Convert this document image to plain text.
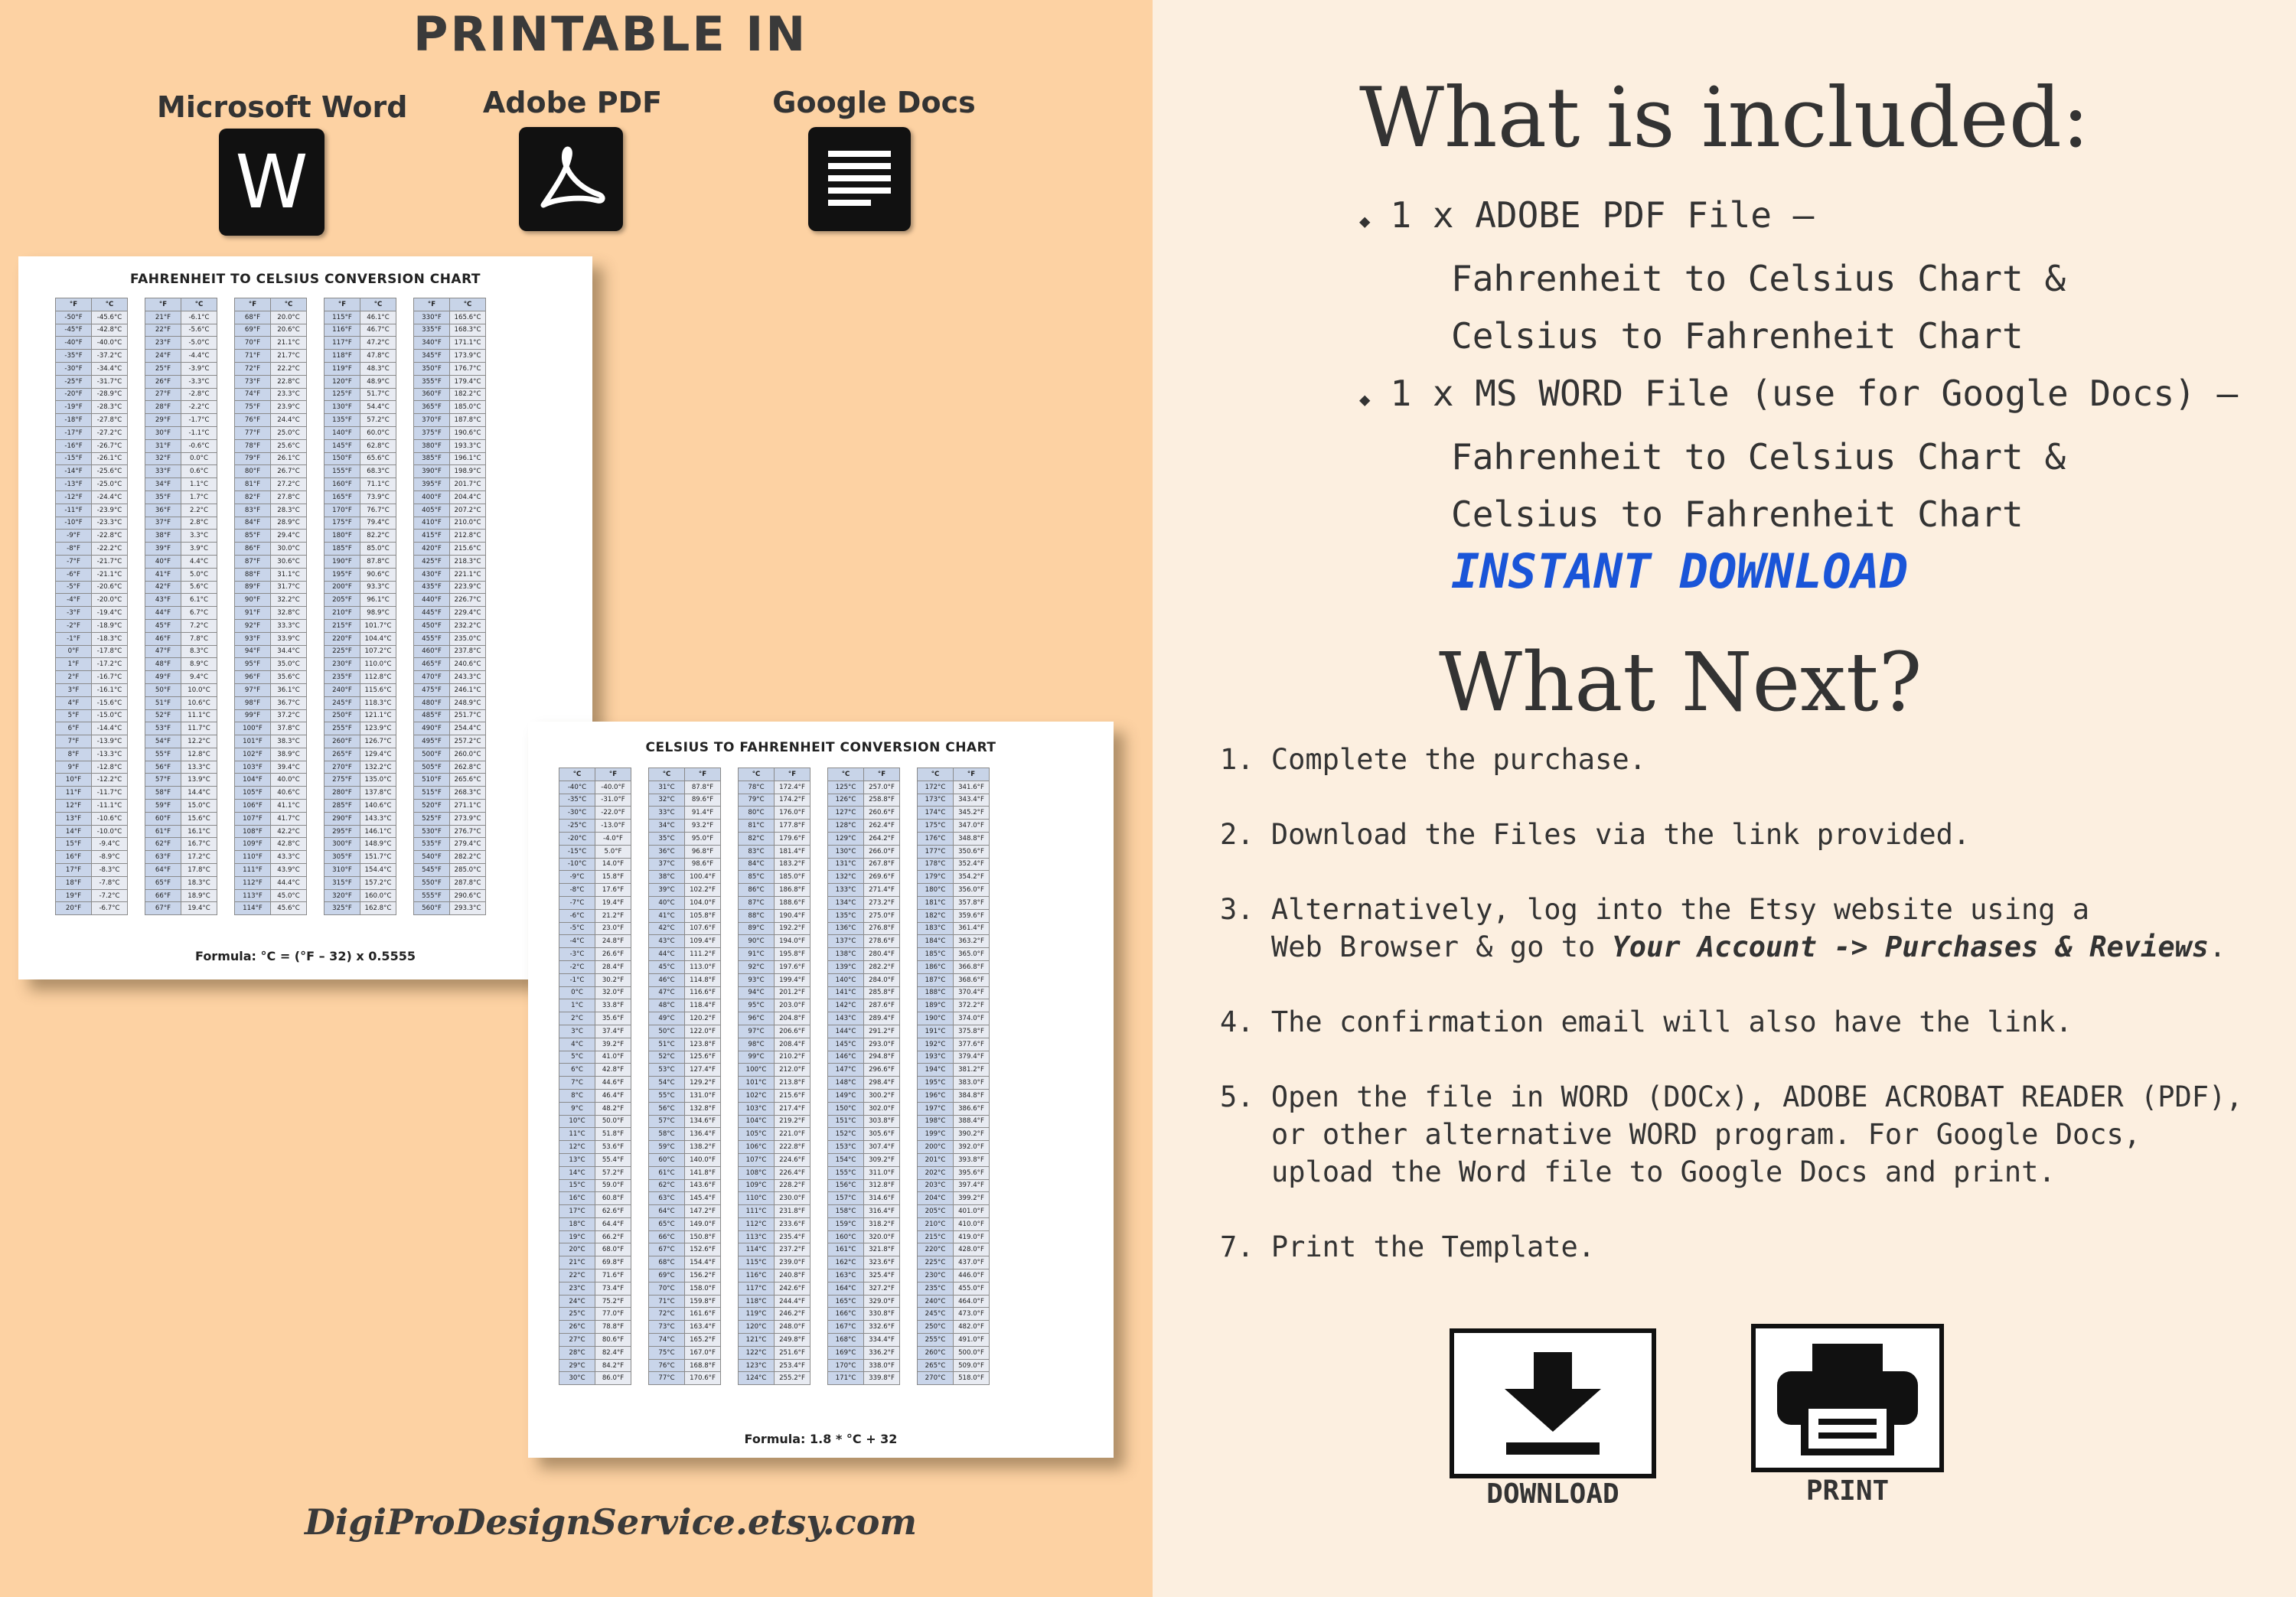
PRINTABLE IN
Microsoft Word	Adobe PDF	Google Docs
W
FAHRENHEIT TO CELSIUS CONVERSION CHART
°F	°C
-50°F	-45.6°C
-45°F	-42.8°C
-40°F	-40.0°C
-35°F	-37.2°C
-30°F	-34.4°C
-25°F	-31.7°C
-20°F	-28.9°C
-19°F	-28.3°C
-18°F	-27.8°C
-17°F	-27.2°C
-16°F	-26.7°C
-15°F	-26.1°C
-14°F	-25.6°C
-13°F	-25.0°C
-12°F	-24.4°C
-11°F	-23.9°C
-10°F	-23.3°C
-9°F	-22.8°C
-8°F	-22.2°C
-7°F	-21.7°C
-6°F	-21.1°C
-5°F	-20.6°C
-4°F	-20.0°C
-3°F	-19.4°C
-2°F	-18.9°C
-1°F	-18.3°C
0°F	-17.8°C
1°F	-17.2°C
2°F	-16.7°C
3°F	-16.1°C
4°F	-15.6°C
5°F	-15.0°C
6°F	-14.4°C
7°F	-13.9°C
8°F	-13.3°C
9°F	-12.8°C
10°F	-12.2°C
11°F	-11.7°C
12°F	-11.1°C
13°F	-10.6°C
14°F	-10.0°C
15°F	-9.4°C
16°F	-8.9°C
17°F	-8.3°C
18°F	-7.8°C
19°F	-7.2°C
20°F	-6.7°C
°F	°C
21°F	-6.1°C
22°F	-5.6°C
23°F	-5.0°C
24°F	-4.4°C
25°F	-3.9°C
26°F	-3.3°C
27°F	-2.8°C
28°F	-2.2°C
29°F	-1.7°C
30°F	-1.1°C
31°F	-0.6°C
32°F	0.0°C
33°F	0.6°C
34°F	1.1°C
35°F	1.7°C
36°F	2.2°C
37°F	2.8°C
38°F	3.3°C
39°F	3.9°C
40°F	4.4°C
41°F	5.0°C
42°F	5.6°C
43°F	6.1°C
44°F	6.7°C
45°F	7.2°C
46°F	7.8°C
47°F	8.3°C
48°F	8.9°C
49°F	9.4°C
50°F	10.0°C
51°F	10.6°C
52°F	11.1°C
53°F	11.7°C
54°F	12.2°C
55°F	12.8°C
56°F	13.3°C
57°F	13.9°C
58°F	14.4°C
59°F	15.0°C
60°F	15.6°C
61°F	16.1°C
62°F	16.7°C
63°F	17.2°C
64°F	17.8°C
65°F	18.3°C
66°F	18.9°C
67°F	19.4°C
°F	°C
68°F	20.0°C
69°F	20.6°C
70°F	21.1°C
71°F	21.7°C
72°F	22.2°C
73°F	22.8°C
74°F	23.3°C
75°F	23.9°C
76°F	24.4°C
77°F	25.0°C
78°F	25.6°C
79°F	26.1°C
80°F	26.7°C
81°F	27.2°C
82°F	27.8°C
83°F	28.3°C
84°F	28.9°C
85°F	29.4°C
86°F	30.0°C
87°F	30.6°C
88°F	31.1°C
89°F	31.7°C
90°F	32.2°C
91°F	32.8°C
92°F	33.3°C
93°F	33.9°C
94°F	34.4°C
95°F	35.0°C
96°F	35.6°C
97°F	36.1°C
98°F	36.7°C
99°F	37.2°C
100°F	37.8°C
101°F	38.3°C
102°F	38.9°C
103°F	39.4°C
104°F	40.0°C
105°F	40.6°C
106°F	41.1°C
107°F	41.7°C
108°F	42.2°C
109°F	42.8°C
110°F	43.3°C
111°F	43.9°C
112°F	44.4°C
113°F	45.0°C
114°F	45.6°C
°F	°C
115°F	46.1°C
116°F	46.7°C
117°F	47.2°C
118°F	47.8°C
119°F	48.3°C
120°F	48.9°C
125°F	51.7°C
130°F	54.4°C
135°F	57.2°C
140°F	60.0°C
145°F	62.8°C
150°F	65.6°C
155°F	68.3°C
160°F	71.1°C
165°F	73.9°C
170°F	76.7°C
175°F	79.4°C
180°F	82.2°C
185°F	85.0°C
190°F	87.8°C
195°F	90.6°C
200°F	93.3°C
205°F	96.1°C
210°F	98.9°C
215°F	101.7°C
220°F	104.4°C
225°F	107.2°C
230°F	110.0°C
235°F	112.8°C
240°F	115.6°C
245°F	118.3°C
250°F	121.1°C
255°F	123.9°C
260°F	126.7°C
265°F	129.4°C
270°F	132.2°C
275°F	135.0°C
280°F	137.8°C
285°F	140.6°C
290°F	143.3°C
295°F	146.1°C
300°F	148.9°C
305°F	151.7°C
310°F	154.4°C
315°F	157.2°C
320°F	160.0°C
325°F	162.8°C
°F	°C
330°F	165.6°C
335°F	168.3°C
340°F	171.1°C
345°F	173.9°C
350°F	176.7°C
355°F	179.4°C
360°F	182.2°C
365°F	185.0°C
370°F	187.8°C
375°F	190.6°C
380°F	193.3°C
385°F	196.1°C
390°F	198.9°C
395°F	201.7°C
400°F	204.4°C
405°F	207.2°C
410°F	210.0°C
415°F	212.8°C
420°F	215.6°C
425°F	218.3°C
430°F	221.1°C
435°F	223.9°C
440°F	226.7°C
445°F	229.4°C
450°F	232.2°C
455°F	235.0°C
460°F	237.8°C
465°F	240.6°C
470°F	243.3°C
475°F	246.1°C
480°F	248.9°C
485°F	251.7°C
490°F	254.4°C
495°F	257.2°C
500°F	260.0°C
505°F	262.8°C
510°F	265.6°C
515°F	268.3°C
520°F	271.1°C
525°F	273.9°C
530°F	276.7°C
535°F	279.4°C
540°F	282.2°C
545°F	285.0°C
550°F	287.8°C
555°F	290.6°C
560°F	293.3°C
Formula: °C = (°F – 32) x 0.5555
CELSIUS TO FAHRENHEIT CONVERSION CHART
°C	°F
-40°C	-40.0°F
-35°C	-31.0°F
-30°C	-22.0°F
-25°C	-13.0°F
-20°C	-4.0°F
-15°C	5.0°F
-10°C	14.0°F
-9°C	15.8°F
-8°C	17.6°F
-7°C	19.4°F
-6°C	21.2°F
-5°C	23.0°F
-4°C	24.8°F
-3°C	26.6°F
-2°C	28.4°F
-1°C	30.2°F
0°C	32.0°F
1°C	33.8°F
2°C	35.6°F
3°C	37.4°F
4°C	39.2°F
5°C	41.0°F
6°C	42.8°F
7°C	44.6°F
8°C	46.4°F
9°C	48.2°F
10°C	50.0°F
11°C	51.8°F
12°C	53.6°F
13°C	55.4°F
14°C	57.2°F
15°C	59.0°F
16°C	60.8°F
17°C	62.6°F
18°C	64.4°F
19°C	66.2°F
20°C	68.0°F
21°C	69.8°F
22°C	71.6°F
23°C	73.4°F
24°C	75.2°F
25°C	77.0°F
26°C	78.8°F
27°C	80.6°F
28°C	82.4°F
29°C	84.2°F
30°C	86.0°F
°C	°F
31°C	87.8°F
32°C	89.6°F
33°C	91.4°F
34°C	93.2°F
35°C	95.0°F
36°C	96.8°F
37°C	98.6°F
38°C	100.4°F
39°C	102.2°F
40°C	104.0°F
41°C	105.8°F
42°C	107.6°F
43°C	109.4°F
44°C	111.2°F
45°C	113.0°F
46°C	114.8°F
47°C	116.6°F
48°C	118.4°F
49°C	120.2°F
50°C	122.0°F
51°C	123.8°F
52°C	125.6°F
53°C	127.4°F
54°C	129.2°F
55°C	131.0°F
56°C	132.8°F
57°C	134.6°F
58°C	136.4°F
59°C	138.2°F
60°C	140.0°F
61°C	141.8°F
62°C	143.6°F
63°C	145.4°F
64°C	147.2°F
65°C	149.0°F
66°C	150.8°F
67°C	152.6°F
68°C	154.4°F
69°C	156.2°F
70°C	158.0°F
71°C	159.8°F
72°C	161.6°F
73°C	163.4°F
74°C	165.2°F
75°C	167.0°F
76°C	168.8°F
77°C	170.6°F
°C	°F
78°C	172.4°F
79°C	174.2°F
80°C	176.0°F
81°C	177.8°F
82°C	179.6°F
83°C	181.4°F
84°C	183.2°F
85°C	185.0°F
86°C	186.8°F
87°C	188.6°F
88°C	190.4°F
89°C	192.2°F
90°C	194.0°F
91°C	195.8°F
92°C	197.6°F
93°C	199.4°F
94°C	201.2°F
95°C	203.0°F
96°C	204.8°F
97°C	206.6°F
98°C	208.4°F
99°C	210.2°F
100°C	212.0°F
101°C	213.8°F
102°C	215.6°F
103°C	217.4°F
104°C	219.2°F
105°C	221.0°F
106°C	222.8°F
107°C	224.6°F
108°C	226.4°F
109°C	228.2°F
110°C	230.0°F
111°C	231.8°F
112°C	233.6°F
113°C	235.4°F
114°C	237.2°F
115°C	239.0°F
116°C	240.8°F
117°C	242.6°F
118°C	244.4°F
119°C	246.2°F
120°C	248.0°F
121°C	249.8°F
122°C	251.6°F
123°C	253.4°F
124°C	255.2°F
°C	°F
125°C	257.0°F
126°C	258.8°F
127°C	260.6°F
128°C	262.4°F
129°C	264.2°F
130°C	266.0°F
131°C	267.8°F
132°C	269.6°F
133°C	271.4°F
134°C	273.2°F
135°C	275.0°F
136°C	276.8°F
137°C	278.6°F
138°C	280.4°F
139°C	282.2°F
140°C	284.0°F
141°C	285.8°F
142°C	287.6°F
143°C	289.4°F
144°C	291.2°F
145°C	293.0°F
146°C	294.8°F
147°C	296.6°F
148°C	298.4°F
149°C	300.2°F
150°C	302.0°F
151°C	303.8°F
152°C	305.6°F
153°C	307.4°F
154°C	309.2°F
155°C	311.0°F
156°C	312.8°F
157°C	314.6°F
158°C	316.4°F
159°C	318.2°F
160°C	320.0°F
161°C	321.8°F
162°C	323.6°F
163°C	325.4°F
164°C	327.2°F
165°C	329.0°F
166°C	330.8°F
167°C	332.6°F
168°C	334.4°F
169°C	336.2°F
170°C	338.0°F
171°C	339.8°F
°C	°F
172°C	341.6°F
173°C	343.4°F
174°C	345.2°F
175°C	347.0°F
176°C	348.8°F
177°C	350.6°F
178°C	352.4°F
179°C	354.2°F
180°C	356.0°F
181°C	357.8°F
182°C	359.6°F
183°C	361.4°F
184°C	363.2°F
185°C	365.0°F
186°C	366.8°F
187°C	368.6°F
188°C	370.4°F
189°C	372.2°F
190°C	374.0°F
191°C	375.8°F
192°C	377.6°F
193°C	379.4°F
194°C	381.2°F
195°C	383.0°F
196°C	384.8°F
197°C	386.6°F
198°C	388.4°F
199°C	390.2°F
200°C	392.0°F
201°C	393.8°F
202°C	395.6°F
203°C	397.4°F
204°C	399.2°F
205°C	401.0°F
210°C	410.0°F
215°C	419.0°F
220°C	428.0°F
225°C	437.0°F
230°C	446.0°F
235°C	455.0°F
240°C	464.0°F
245°C	473.0°F
250°C	482.0°F
255°C	491.0°F
260°C	500.0°F
265°C	509.0°F
270°C	518.0°F
Formula: 1.8 * °C + 32
DigiProDesignService.etsy.com
What is included:
◆ 1 x ADOBE PDF File –
Fahrenheit to Celsius Chart &
Celsius to Fahrenheit Chart
◆ 1 x MS WORD File (use for Google Docs) –
Fahrenheit to Celsius Chart &
Celsius to Fahrenheit Chart
INSTANT DOWNLOAD
What Next?
1. Complete the purchase.
2. Download the Files via the link provided.
3. Alternatively, log into the Etsy website using a
Web Browser & go to Your Account -> Purchases & Reviews.
4. The confirmation email will also have the link.
5. Open the file in WORD (DOCx), ADOBE ACROBAT READER (PDF),
or other alternative WORD program. For Google Docs,
upload the Word file to Google Docs and print.
7. Print the Template.
DOWNLOAD	PRINT
